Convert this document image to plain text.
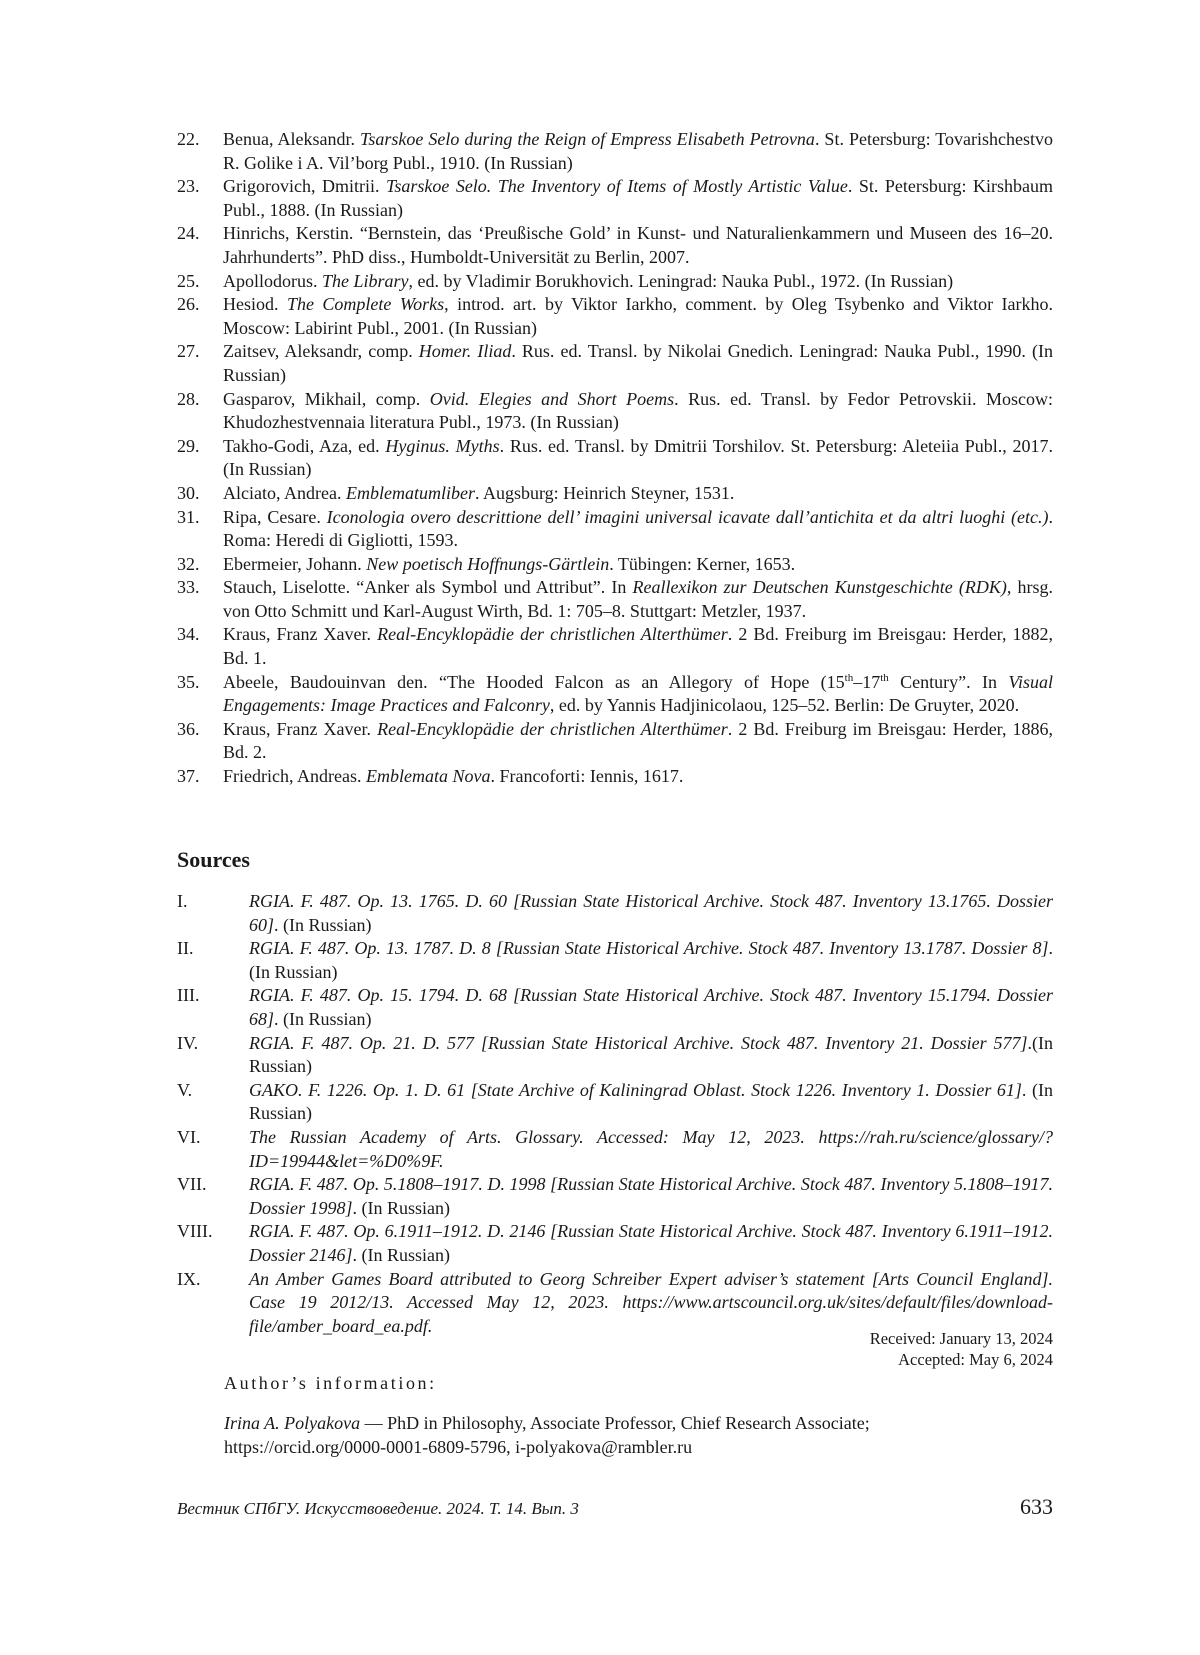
22.	Benua, Aleksandr. Tsarskoe Selo during the Reign of Empress Elisabeth Petrovna. St. Petersburg: Tovarishchestvo R. Golike i A. Vil’borg Publ., 1910. (In Russian)
23.	Grigorovich, Dmitrii. Tsarskoe Selo. The Inventory of Items of Mostly Artistic Value. St. Petersburg: Kirshbaum Publ., 1888. (In Russian)
24.	Hinrichs, Kerstin. “Bernstein, das ‘Preußische Gold’ in Kunst- und Naturalienkammern und Museen des 16–20. Jahrhunderts”. PhD diss., Humboldt-Universität zu Berlin, 2007.
25.	Apollodorus. The Library, ed. by Vladimir Borukhovich. Leningrad: Nauka Publ., 1972. (In Russian)
26.	Hesiod. The Complete Works, introd. art. by Viktor Iarkho, comment. by Oleg Tsybenko and Viktor Iarkho. Moscow: Labirint Publ., 2001. (In Russian)
27.	Zaitsev, Aleksandr, comp. Homer. Iliad. Rus. ed. Transl. by Nikolai Gnedich. Leningrad: Nauka Publ., 1990. (In Russian)
28.	Gasparov, Mikhail, comp. Ovid. Elegies and Short Poems. Rus. ed. Transl. by Fedor Petrovskii. Moscow: Khudozhestvennaia literatura Publ., 1973. (In Russian)
29.	Takho-Godi, Aza, ed. Hyginus. Myths. Rus. ed. Transl. by Dmitrii Torshilov. St. Petersburg: Aleteiia Publ., 2017. (In Russian)
30.	Alciato, Andrea. Emblematumliber. Augsburg: Heinrich Steyner, 1531.
31.	Ripa, Cesare. Iconologia overo descrittione dell’ imagini universal icavate dall’antichita et da altri luoghi (etc.). Roma: Heredi di Gigliotti, 1593.
32.	Ebermeier, Johann. New poetisch Hoffnungs-Gärtlein. Tübingen: Kerner, 1653.
33.	Stauch, Liselotte. “Anker als Symbol und Attribut”. In Reallexikon zur Deutschen Kunstgeschichte (RDK), hrsg. von Otto Schmitt und Karl-August Wirth, Bd. 1: 705–8. Stuttgart: Metzler, 1937.
34.	Kraus, Franz Xaver. Real-Encyklopädie der christlichen Alterthümer. 2 Bd. Freiburg im Breisgau: Herder, 1882, Bd. 1.
35.	Abeele, Baudouinvan den. “The Hooded Falcon as an Allegory of Hope (15th–17th Century”. In Visual Engagements: Image Practices and Falconry, ed. by Yannis Hadjinicolaou, 125–52. Berlin: De Gruyter, 2020.
36.	Kraus, Franz Xaver. Real-Encyklopädie der christlichen Alterthümer. 2 Bd. Freiburg im Breisgau: Herder, 1886, Bd. 2.
37.	Friedrich, Andreas. Emblemata Nova. Francoforti: Iennis, 1617.
Sources
I.	RGIA. F. 487. Op. 13. 1765. D. 60 [Russian State Historical Archive. Stock 487. Inventory 13.1765. Dossier 60]. (In Russian)
II.	RGIA. F. 487. Op. 13. 1787. D. 8 [Russian State Historical Archive. Stock 487. Inventory 13.1787. Dossier 8]. (In Russian)
III.	RGIA. F. 487. Op. 15. 1794. D. 68 [Russian State Historical Archive. Stock 487. Inventory 15.1794. Dossier 68]. (In Russian)
IV.	RGIA. F. 487. Op. 21. D. 577 [Russian State Historical Archive. Stock 487. Inventory 21. Dossier 577].(In Russian)
V.	GAKO. F. 1226. Op. 1. D. 61 [State Archive of Kaliningrad Oblast. Stock 1226. Inventory 1. Dossier 61]. (In Russian)
VI.	The Russian Academy of Arts. Glossary. Accessed: May 12, 2023. https://rah.ru/science/glossary/?ID=19944&let=%D0%9F.
VII.	RGIA. F. 487. Op. 5.1808–1917. D. 1998 [Russian State Historical Archive. Stock 487. Inventory 5.1808–1917. Dossier 1998]. (In Russian)
VIII.	RGIA. F. 487. Op. 6.1911–1912. D. 2146 [Russian State Historical Archive. Stock 487. Inventory 6.1911–1912. Dossier 2146]. (In Russian)
IX.	An Amber Games Board attributed to Georg Schreiber Expert adviser’s statement [Arts Council England]. Case 19 2012/13. Accessed May 12, 2023. https://www.artscouncil.org.uk/sites/default/files/download-file/amber_board_ea.pdf.
Received: January 13, 2024
Accepted: May 6, 2024
Author’s information:

Irina A. Polyakova — PhD in Philosophy, Associate Professor, Chief Research Associate;
https://orcid.org/0000-0001-6809-5796, i-polyakova@rambler.ru

Вестник СПбГУ. Искусствоведение. 2024. Т. 14. Вып. 3	633
